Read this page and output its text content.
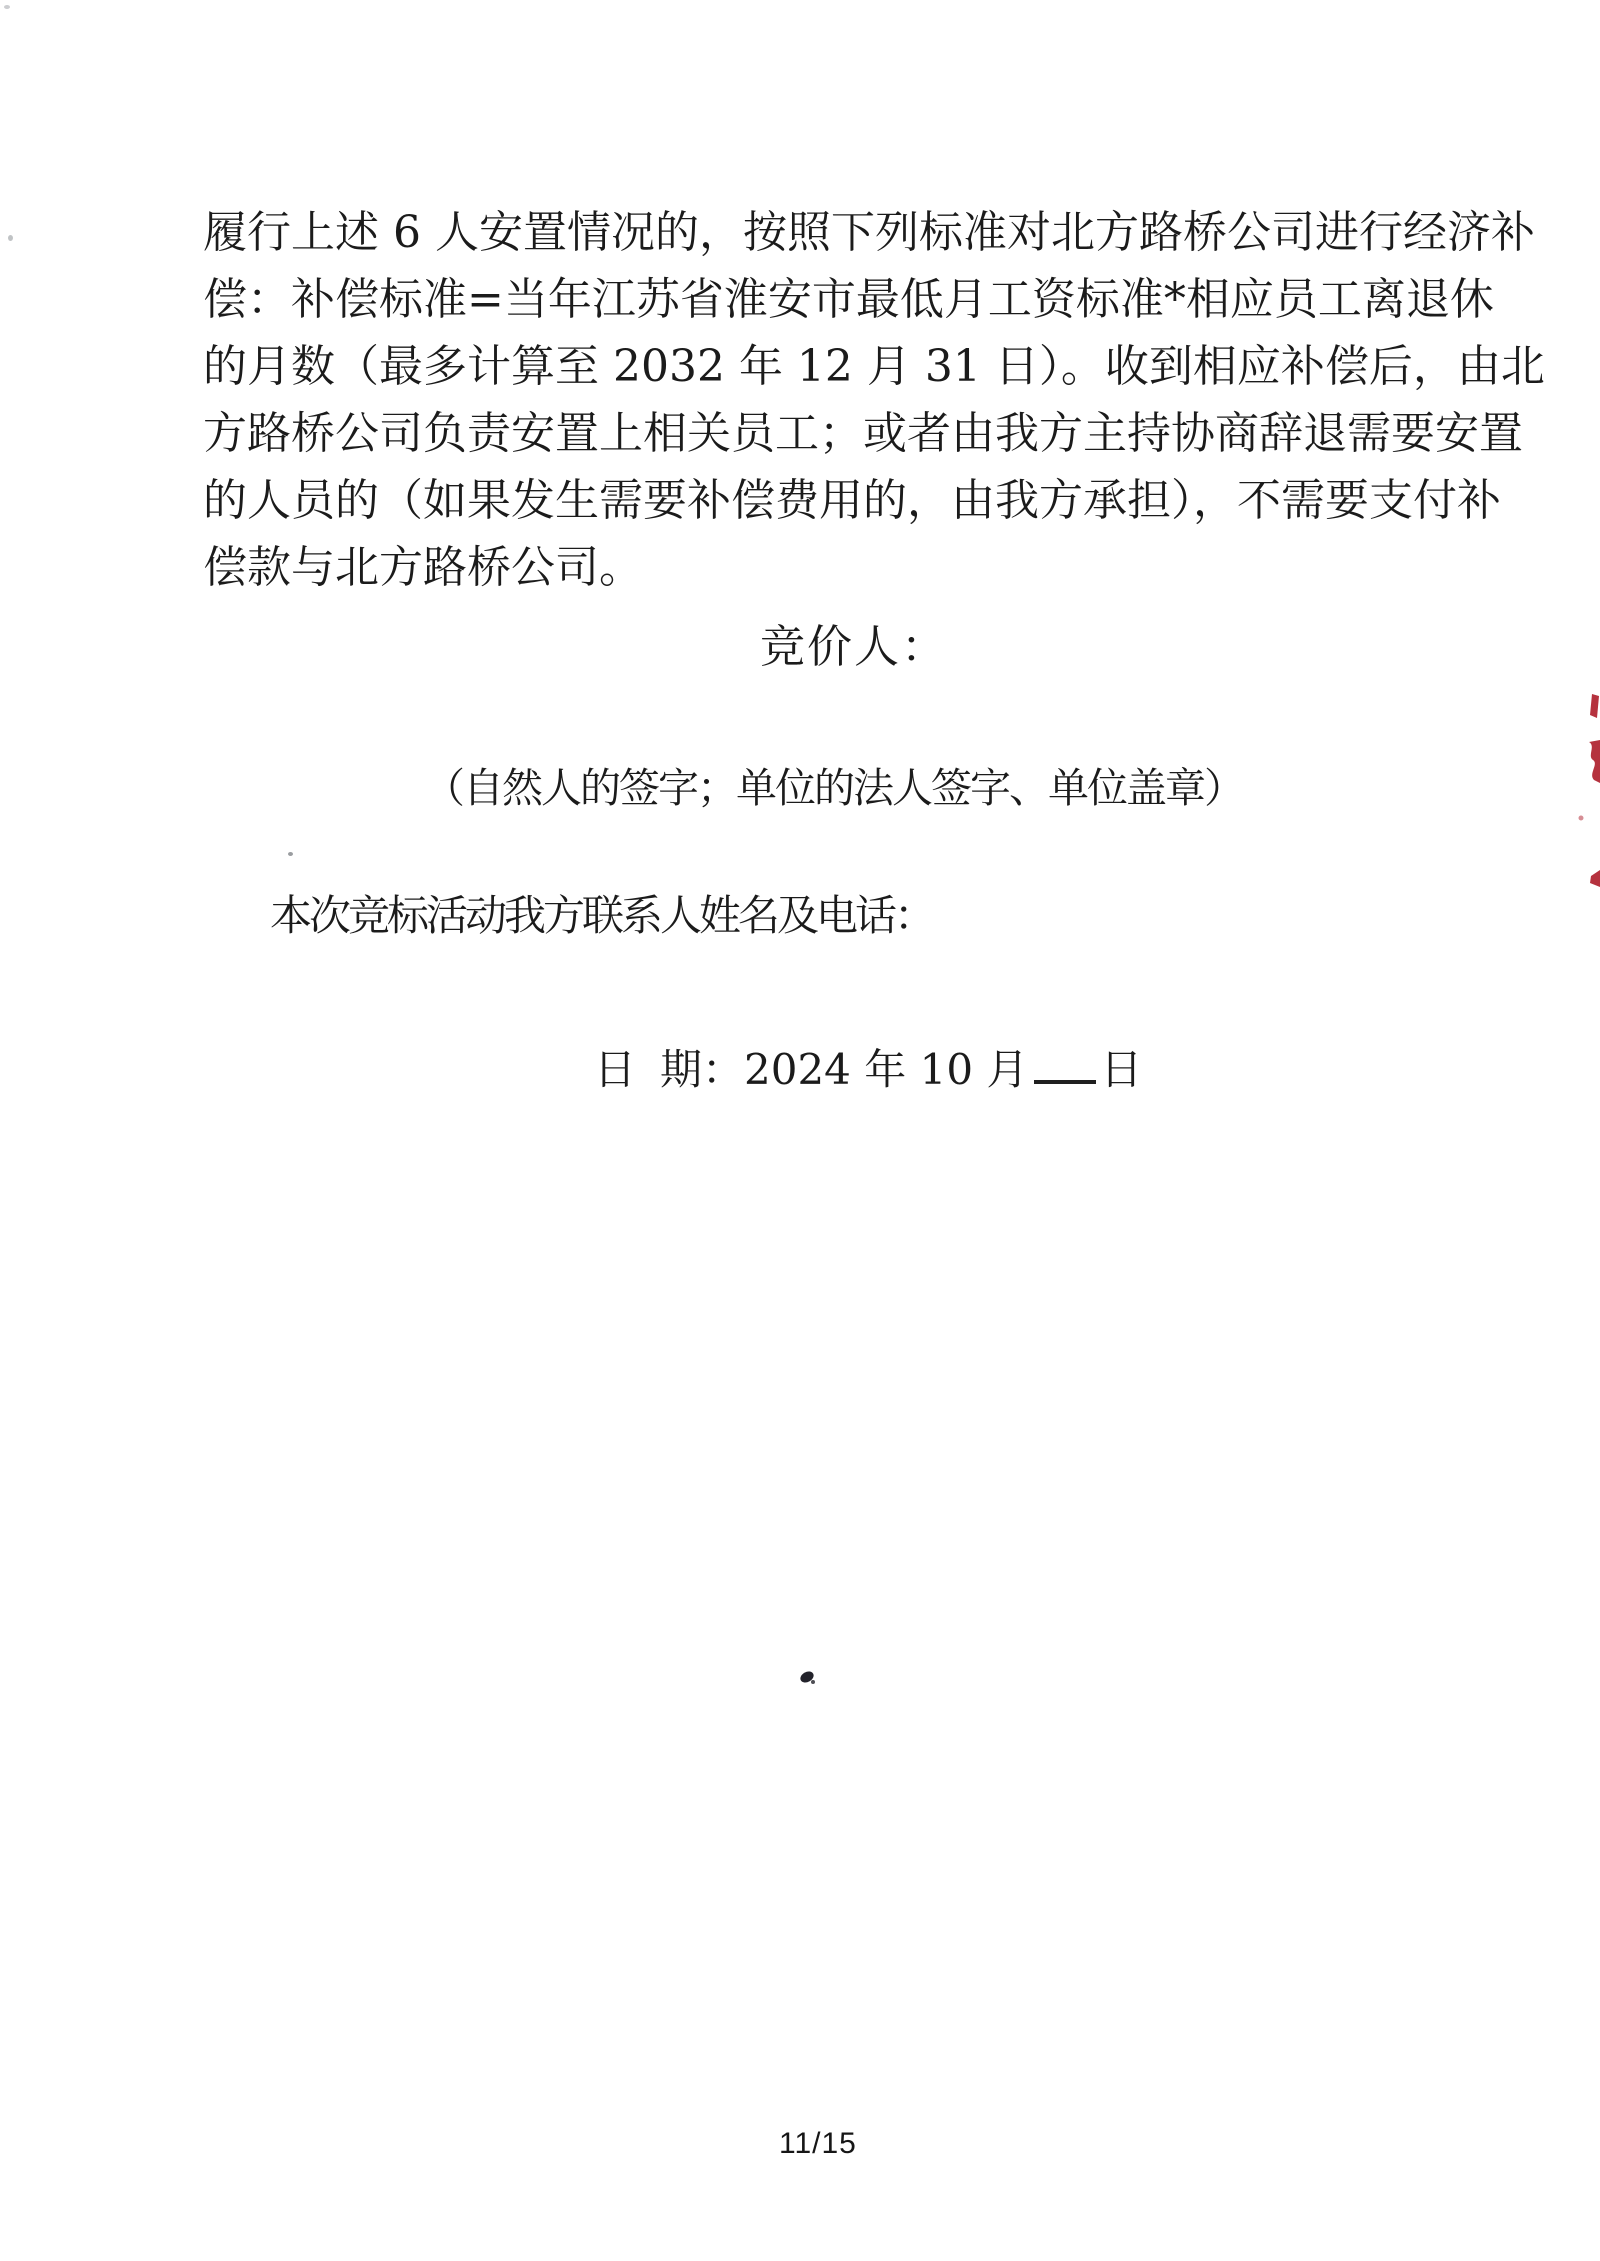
履行上述 6 人安置情况的，按照下列标准对北方路桥公司进行经济补
偿：补偿标准=当年江苏省淮安市最低月工资标准*相应员工离退休
的月数（最多计算至 2032 年 12 月 31 日）。收到相应补偿后，由北
方路桥公司负责安置上相关员工；或者由我方主持协商辞退需要安置
的人员的（如果发生需要补偿费用的，由我方承担），不需要支付补
偿款与北方路桥公司。
竞价人：
（自然人的签字；单位的法人签字、单位盖章）
本次竞标活动我方联系人姓名及电话：
日 期：2024 年 10 月 日
11/15
